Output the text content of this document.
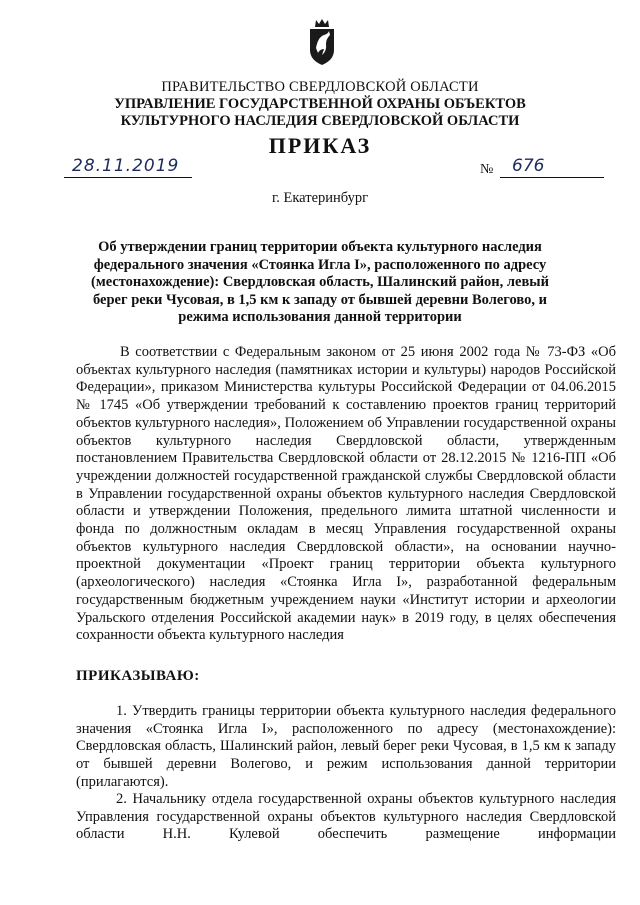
ПРАВИТЕЛЬСТВО СВЕРДЛОВСКОЙ ОБЛАСТИ
УПРАВЛЕНИЕ ГОСУДАРСТВЕННОЙ ОХРАНЫ ОБЪЕКТОВ КУЛЬТУРНОГО НАСЛЕДИЯ СВЕРДЛОВСКОЙ ОБЛАСТИ
ПРИКАЗ
28.11.2019	№	676
г. Екатеринбург
Об утверждении границ территории объекта культурного наследия федерального значения «Стоянка Игла I», расположенного по адресу (местонахождение): Свердловская область, Шалинский район, левый берег реки Чусовая, в 1,5 км к западу от бывшей деревни Волегово, и режима использования данной территории
В соответствии с Федеральным законом от 25 июня 2002 года № 73-ФЗ «Об объектах культурного наследия (памятниках истории и культуры) народов Российской Федерации», приказом Министерства культуры Российской Федерации от 04.06.2015 № 1745 «Об утверждении требований к составлению проектов границ территорий объектов культурного наследия», Положением об Управлении государственной охраны объектов культурного наследия Свердловской области, утвержденным постановлением Правительства Свердловской области от 28.12.2015 № 1216-ПП «Об учреждении должностей государственной гражданской службы Свердловской области в Управлении государственной охраны объектов культурного наследия Свердловской области и утверждении Положения, предельного лимита штатной численности и фонда по должностным окладам в месяц Управления государственной охраны объектов культурного наследия Свердловской области», на основании научно-проектной документации «Проект границ территории объекта культурного (археологического) наследия «Стоянка Игла I», разработанной федеральным государственным бюджетным учреждением науки «Институт истории и археологии Уральского отделения Российской академии наук» в 2019 году, в целях обеспечения сохранности объекта культурного наследия
ПРИКАЗЫВАЮ:
1. Утвердить границы территории объекта культурного наследия федерального значения «Стоянка Игла I», расположенного по адресу (местонахождение): Свердловская область, Шалинский район, левый берег реки Чусовая, в 1,5 км к западу от бывшей деревни Волегово, и режим использования данной территории (прилагаются).
2. Начальнику отдела государственной охраны объектов культурного наследия Управления государственной охраны объектов культурного наследия Свердловской области Н.Н. Кулевой обеспечить размещение информации
